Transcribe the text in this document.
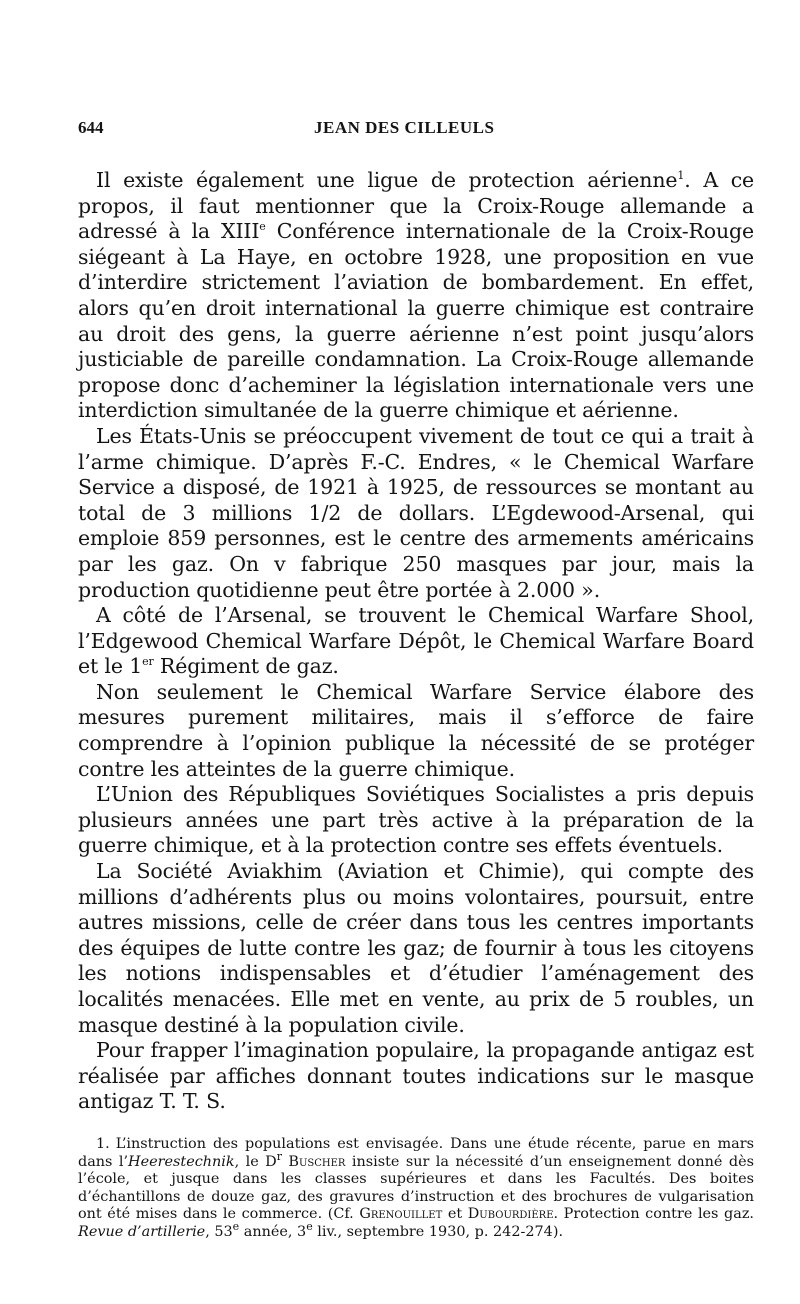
644	JEAN DES CILLEULS

Il existe également une ligue de protection aérienne$^1$. A ce propos, il faut mentionner que la Croix-Rouge allemande a adressé à la XIIIe Conférence internationale de la Croix-Rouge siégeant à La Haye, en octobre 1928, une proposition en vue d’interdire strictement l’aviation de bombardement. En effet, alors qu’en droit international la guerre chimique est contraire au droit des gens, la guerre aérienne n’est point jusqu’alors justiciable de pareille condamnation. La Croix-Rouge allemande propose donc d’acheminer la législation internationale vers une interdiction simultanée de la guerre chimique et aérienne.

Les États-Unis se préoccupent vivement de tout ce qui a trait à l’arme chimique. D’après F.-C. Endres, « le Chemical Warfare Service a disposé, de 1921 à 1925, de ressources se montant au total de 3 millions 1/2 de dollars. L’Egdewood-Arsenal, qui emploie 859 personnes, est le centre des armements américains par les gaz. On v fabrique 250 masques par jour, mais la production quotidienne peut être portée à 2.000 ».

A côté de l’Arsenal, se trouvent le Chemical Warfare Shool, l’Edgewood Chemical Warfare Dépôt, le Chemical Warfare Board et le 1er Régiment de gaz.

Non seulement le Chemical Warfare Service élabore des mesures purement militaires, mais il s’efforce de faire comprendre à l’opinion publique la nécessité de se protéger contre les atteintes de la guerre chimique.

L’Union des Républiques Soviétiques Socialistes a pris depuis plusieurs années une part très active à la préparation de la guerre chimique, et à la protection contre ses effets éventuels.

La Société Aviakhim (Aviation et Chimie), qui compte des millions d’adhérents plus ou moins volontaires, poursuit, entre autres missions, celle de créer dans tous les centres importants des équipes de lutte contre les gaz; de fournir à tous les citoyens les notions indispensables et d’étudier l’aménagement des localités menacées. Elle met en vente, au prix de 5 roubles, un masque destiné à la population civile.

Pour frapper l’imagination populaire, la propagande antigaz est réalisée par affiches donnant toutes indications sur le masque antigaz T. T. S.

1. L’instruction des populations est envisagée. Dans une étude récente, parue en mars dans l’Heerestechnik, le $D^r$ Buscher insiste sur la nécessité d’un enseignement donné dès l’école, et jusque dans les classes supérieures et dans les Facultés. Des boites d’échantillons de douze gaz, des gravures d’instruction et des brochures de vulgarisation ont été mises dans le commerce. (Cf. Grenouillet et Dubourdière. Protection contre les gaz. Revue d’artillerie, 53e année, 3e liv., septembre 1930, p. 242-274).
